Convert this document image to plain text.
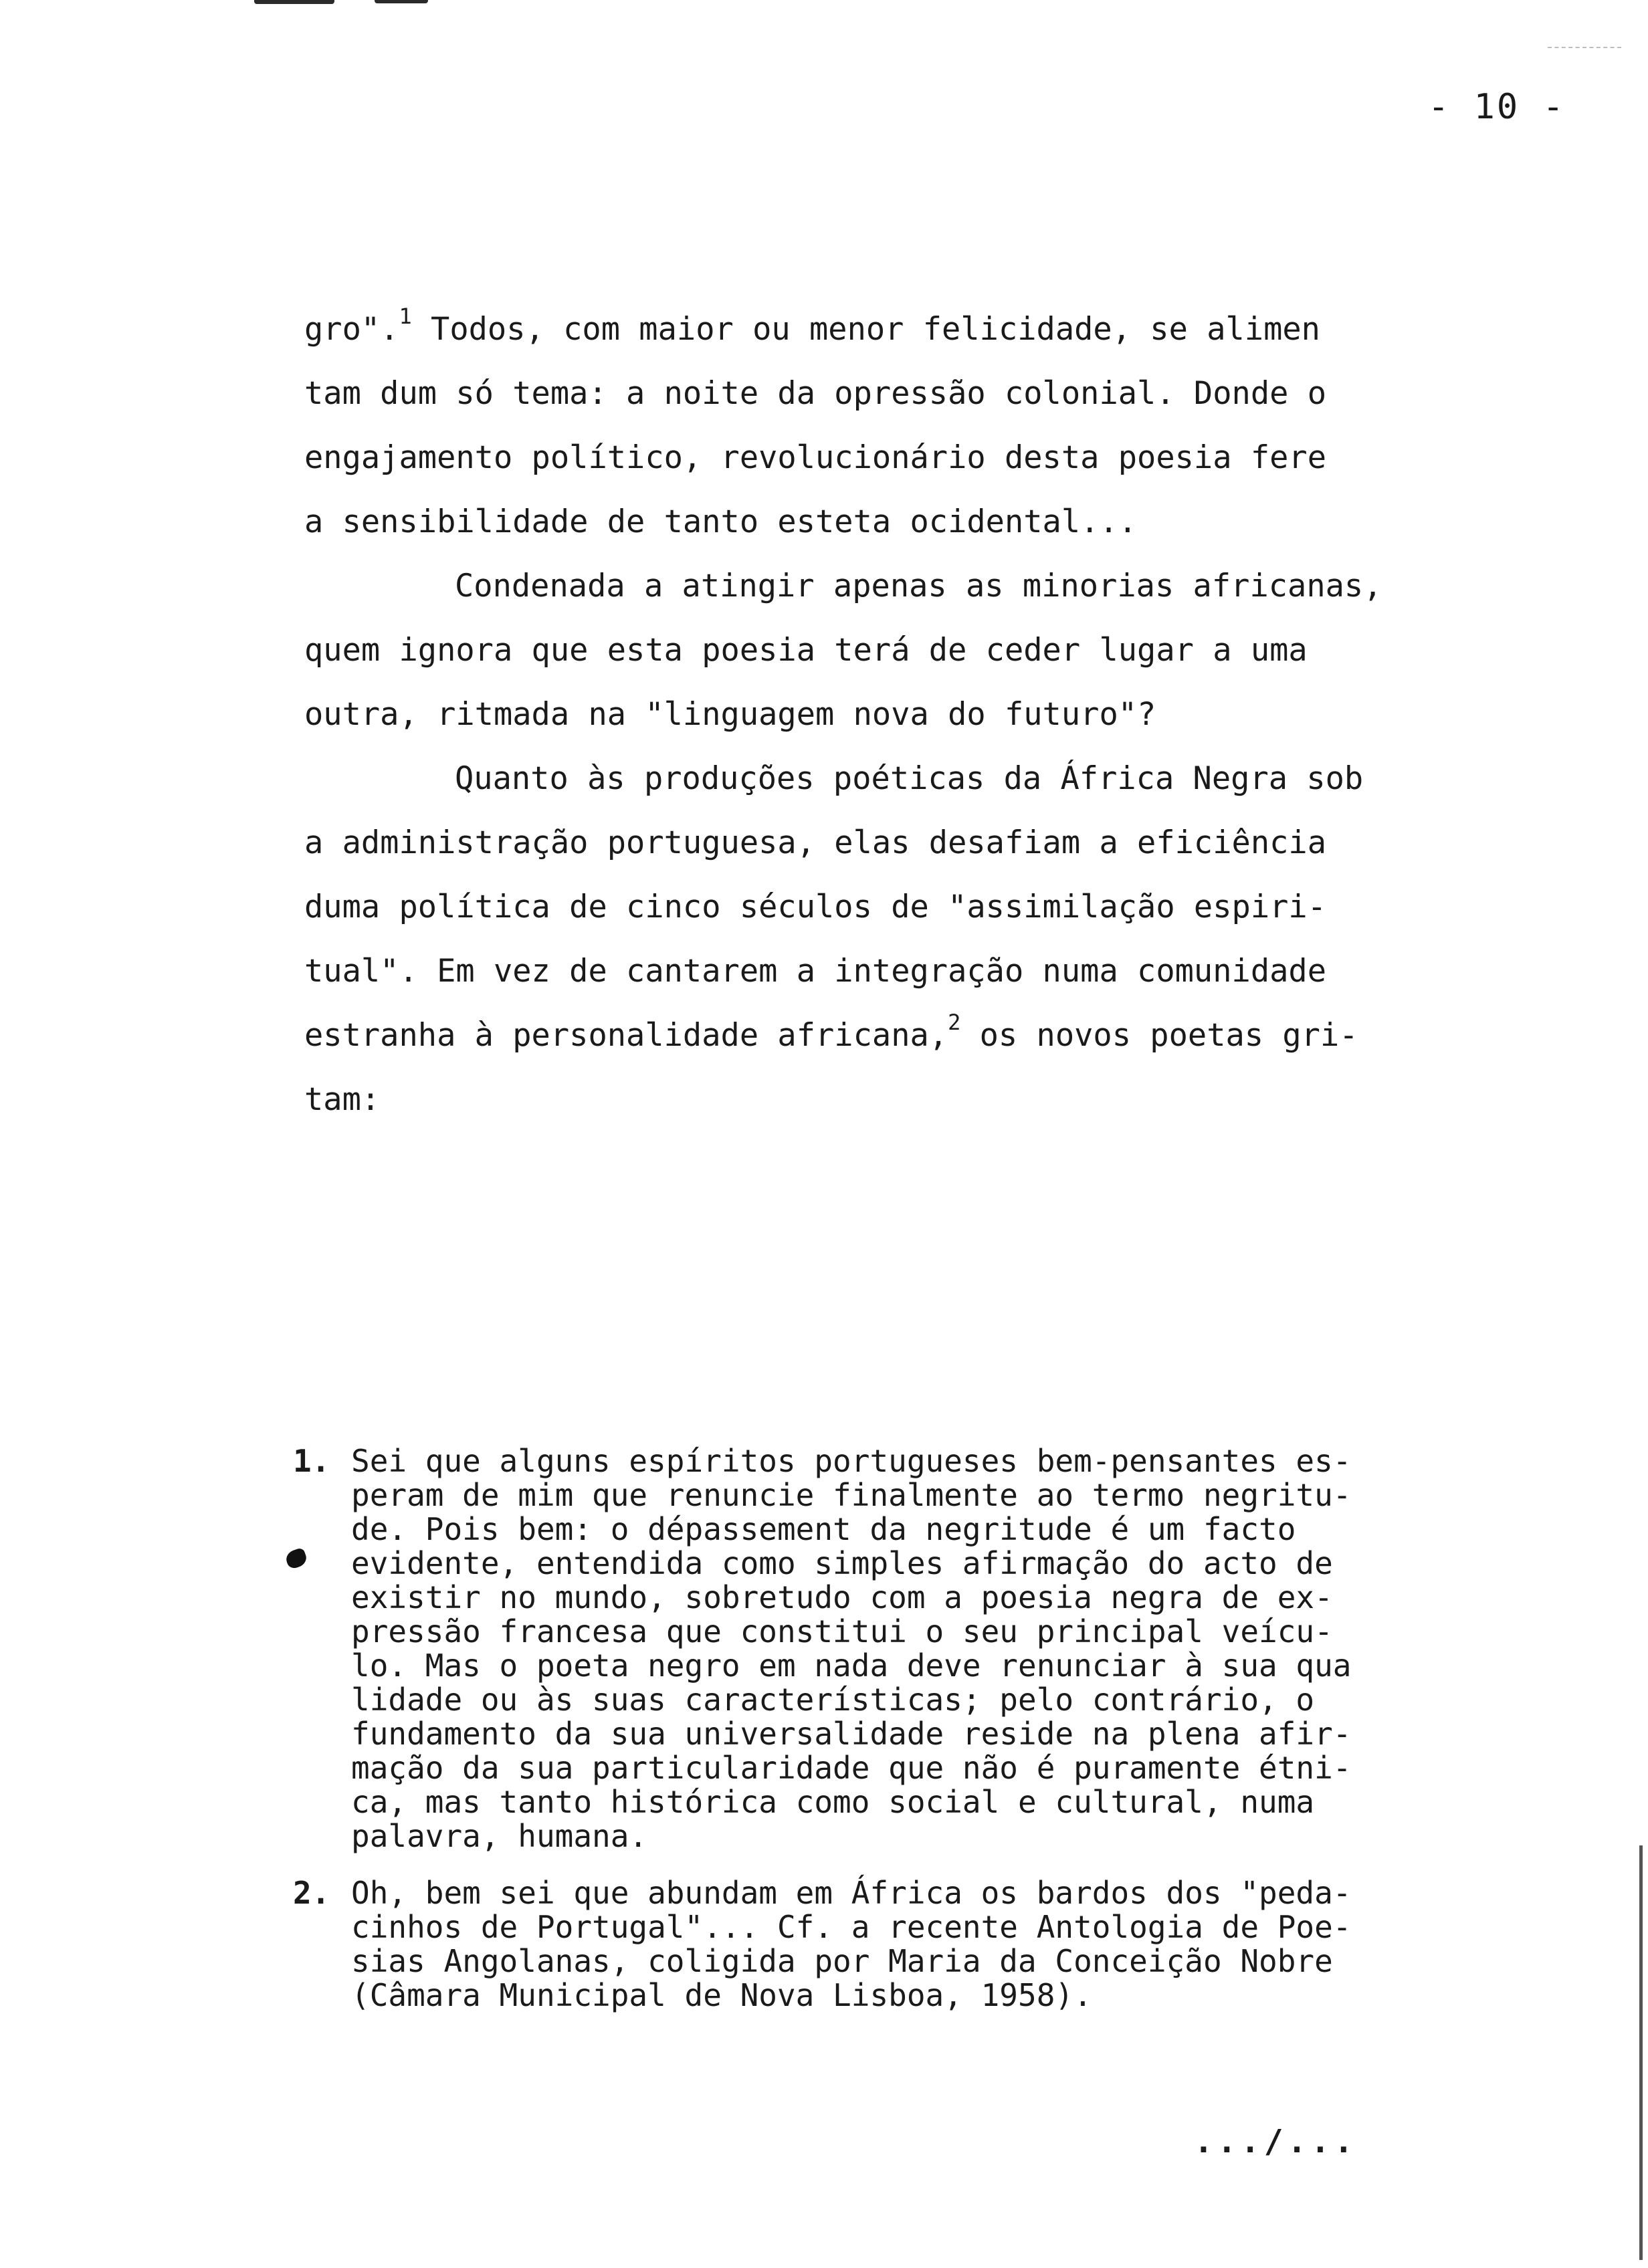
- 10 -

gro".$^1$ Todos, com maior ou menor felicidade, se alimen
tam dum só tema: a noite da opressão colonial. Donde o
engajamento político, revolucionário desta poesia fere
a sensibilidade de tanto esteta ocidental...

Condenada a atingir apenas as minorias africanas,
quem ignora que esta poesia terá de ceder lugar a uma
outra, ritmada na "linguagem nova do futuro"?

Quanto às produções poéticas da África Negra sob
a administração portuguesa, elas desafiam a eficiência
duma política de cinco séculos de "assimilação espiri-
tual". Em vez de cantarem a integração numa comunidade
estranha à personalidade africana,$^2$ os novos poetas gri-
tam:

1. Sei que alguns espíritos portugueses bem-pensantes es-
peram de mim que renuncie finalmente ao termo negritu-
de. Pois bem: o dépassement da negritude é um facto
evidente, entendida como simples afirmação do acto de
existir no mundo, sobretudo com a poesia negra de ex-
pressão francesa que constitui o seu principal veícu-
lo. Mas o poeta negro em nada deve renunciar à sua qua
lidade ou às suas características; pelo contrário, o
fundamento da sua universalidade reside na plena afir-
mação da sua particularidade que não é puramente étni-
ca, mas tanto histórica como social e cultural, numa
palavra, humana.
2. Oh, bem sei que abundam em África os bardos dos "peda-
cinhos de Portugal"... Cf. a recente Antologia de Poe-
sias Angolanas, coligida por Maria da Conceição Nobre
(Câmara Municipal de Nova Lisboa, 1958).
.../...
